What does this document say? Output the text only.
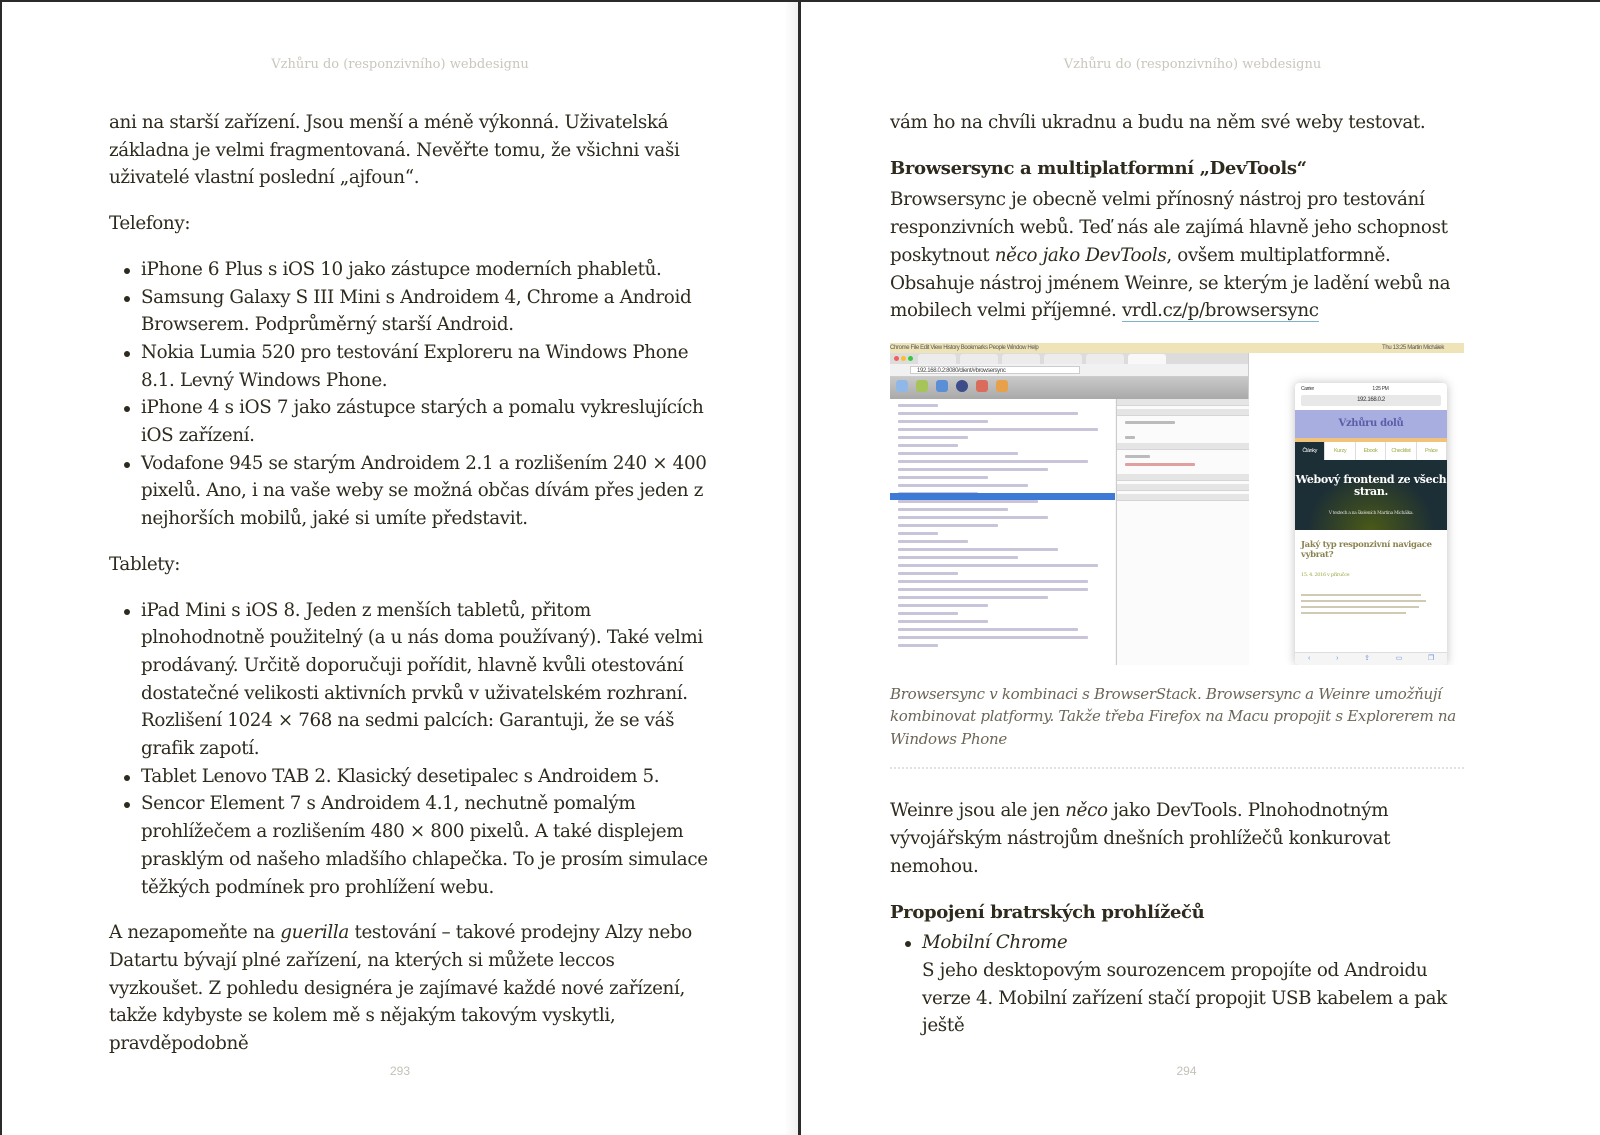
Vzhůru do (responzivního) webdesignu

ani na starší zařízení. Jsou menší a méně výkonná. Uživatelská základna je velmi fragmentovaná. Nevěřte tomu, že všichni vaši uživatelé vlastní poslední „ajfoun“.

Telefony:

iPhone 6 Plus s iOS 10 jako zástupce moderních phabletů.
Samsung Galaxy S III Mini s Androidem 4, Chrome a Android Browserem. Podprůměrný starší Android.
Nokia Lumia 520 pro testování Exploreru na Windows Phone 8.1. Levný Windows Phone.
iPhone 4 s iOS 7 jako zástupce starých a pomalu vykreslujících iOS zařízení.
Vodafone 945 se starým Androidem 2.1 a rozlišením 240 × 400 pixelů. Ano, i na vaše weby se možná občas dívám přes jeden z nejhorších mobilů, jaké si umíte představit.

Tablety:

iPad Mini s iOS 8. Jeden z menších tabletů, přitom plnohodnotně použitelný (a u nás doma používaný). Také velmi prodávaný. Určitě doporučuji pořídit, hlavně kvůli otestování dostatečné velikosti aktivních prvků v uživatelském rozhraní. Rozlišení 1024 × 768 na sedmi palcích: Garantuji, že se váš grafik zapotí.
Tablet Lenovo TAB 2. Klasický desetipalec s Androidem 5.
Sencor Element 7 s Androidem 4.1, nechutně pomalým prohlížečem a rozlišením 480 × 800 pixelů. A také displejem prasklým od našeho mladšího chlapečka. To je prosím simulace těžkých podmínek pro prohlížení webu.

A nezapomeňte na guerilla testování – takové prodejny Alzy nebo Datartu bývají plné zařízení, na kterých si můžete leccos vyzkoušet. Z pohledu designéra je zajímavé každé nové zařízení, takže kdybyste se kolem mě s nějakým takovým vyskytli, pravděpodobně

293
Vzhůru do (responzivního) webdesignu

vám ho na chvíli ukradnu a budu na něm své weby testovat.

Browsersync a multiplatformní „DevTools“

Browsersync je obecně velmi přínosný nástroj pro testování responzivních webů. Teď nás ale zajímá hlavně jeho schopnost poskytnout něco jako DevTools, ovšem multiplatformně. Obsahuje nástroj jménem Weinre, se kterým je ladění webů na mobilech velmi příjemné. vrdl.cz/p/browsersync

Chrome File Edit View History Bookmarks People Window Help	Thu 13:25 Martin Michálek
192.168.0.2:8080/client/#browsersync
Carrier	1:25 PM
192.168.0.2
Vzhůru dolů
Články	Kurzy	Ebook	Checklist	Práce
Webový frontend ze všech stran.
V textech a na školeních Martina Michálka.
Jaký typ responzivní navigace vybrat?
15. 4. 2016 v příručce
‹	›	⇪	▭	❐

Browsersync v kombinaci s BrowserStack. Browsersync a Weinre umožňují kombinovat platformy. Takže třeba Firefox na Macu propojit s Explorerem na Windows Phone

Weinre jsou ale jen něco jako DevTools. Plnohodnotným vývojářským nástrojům dnešních prohlížečů konkurovat nemohou.

Propojení bratrských prohlížečů

Mobilní Chrome
S jeho desktopovým sourozencem propojíte od Androidu verze 4. Mobilní zařízení stačí propojit USB kabelem a pak ještě
294
